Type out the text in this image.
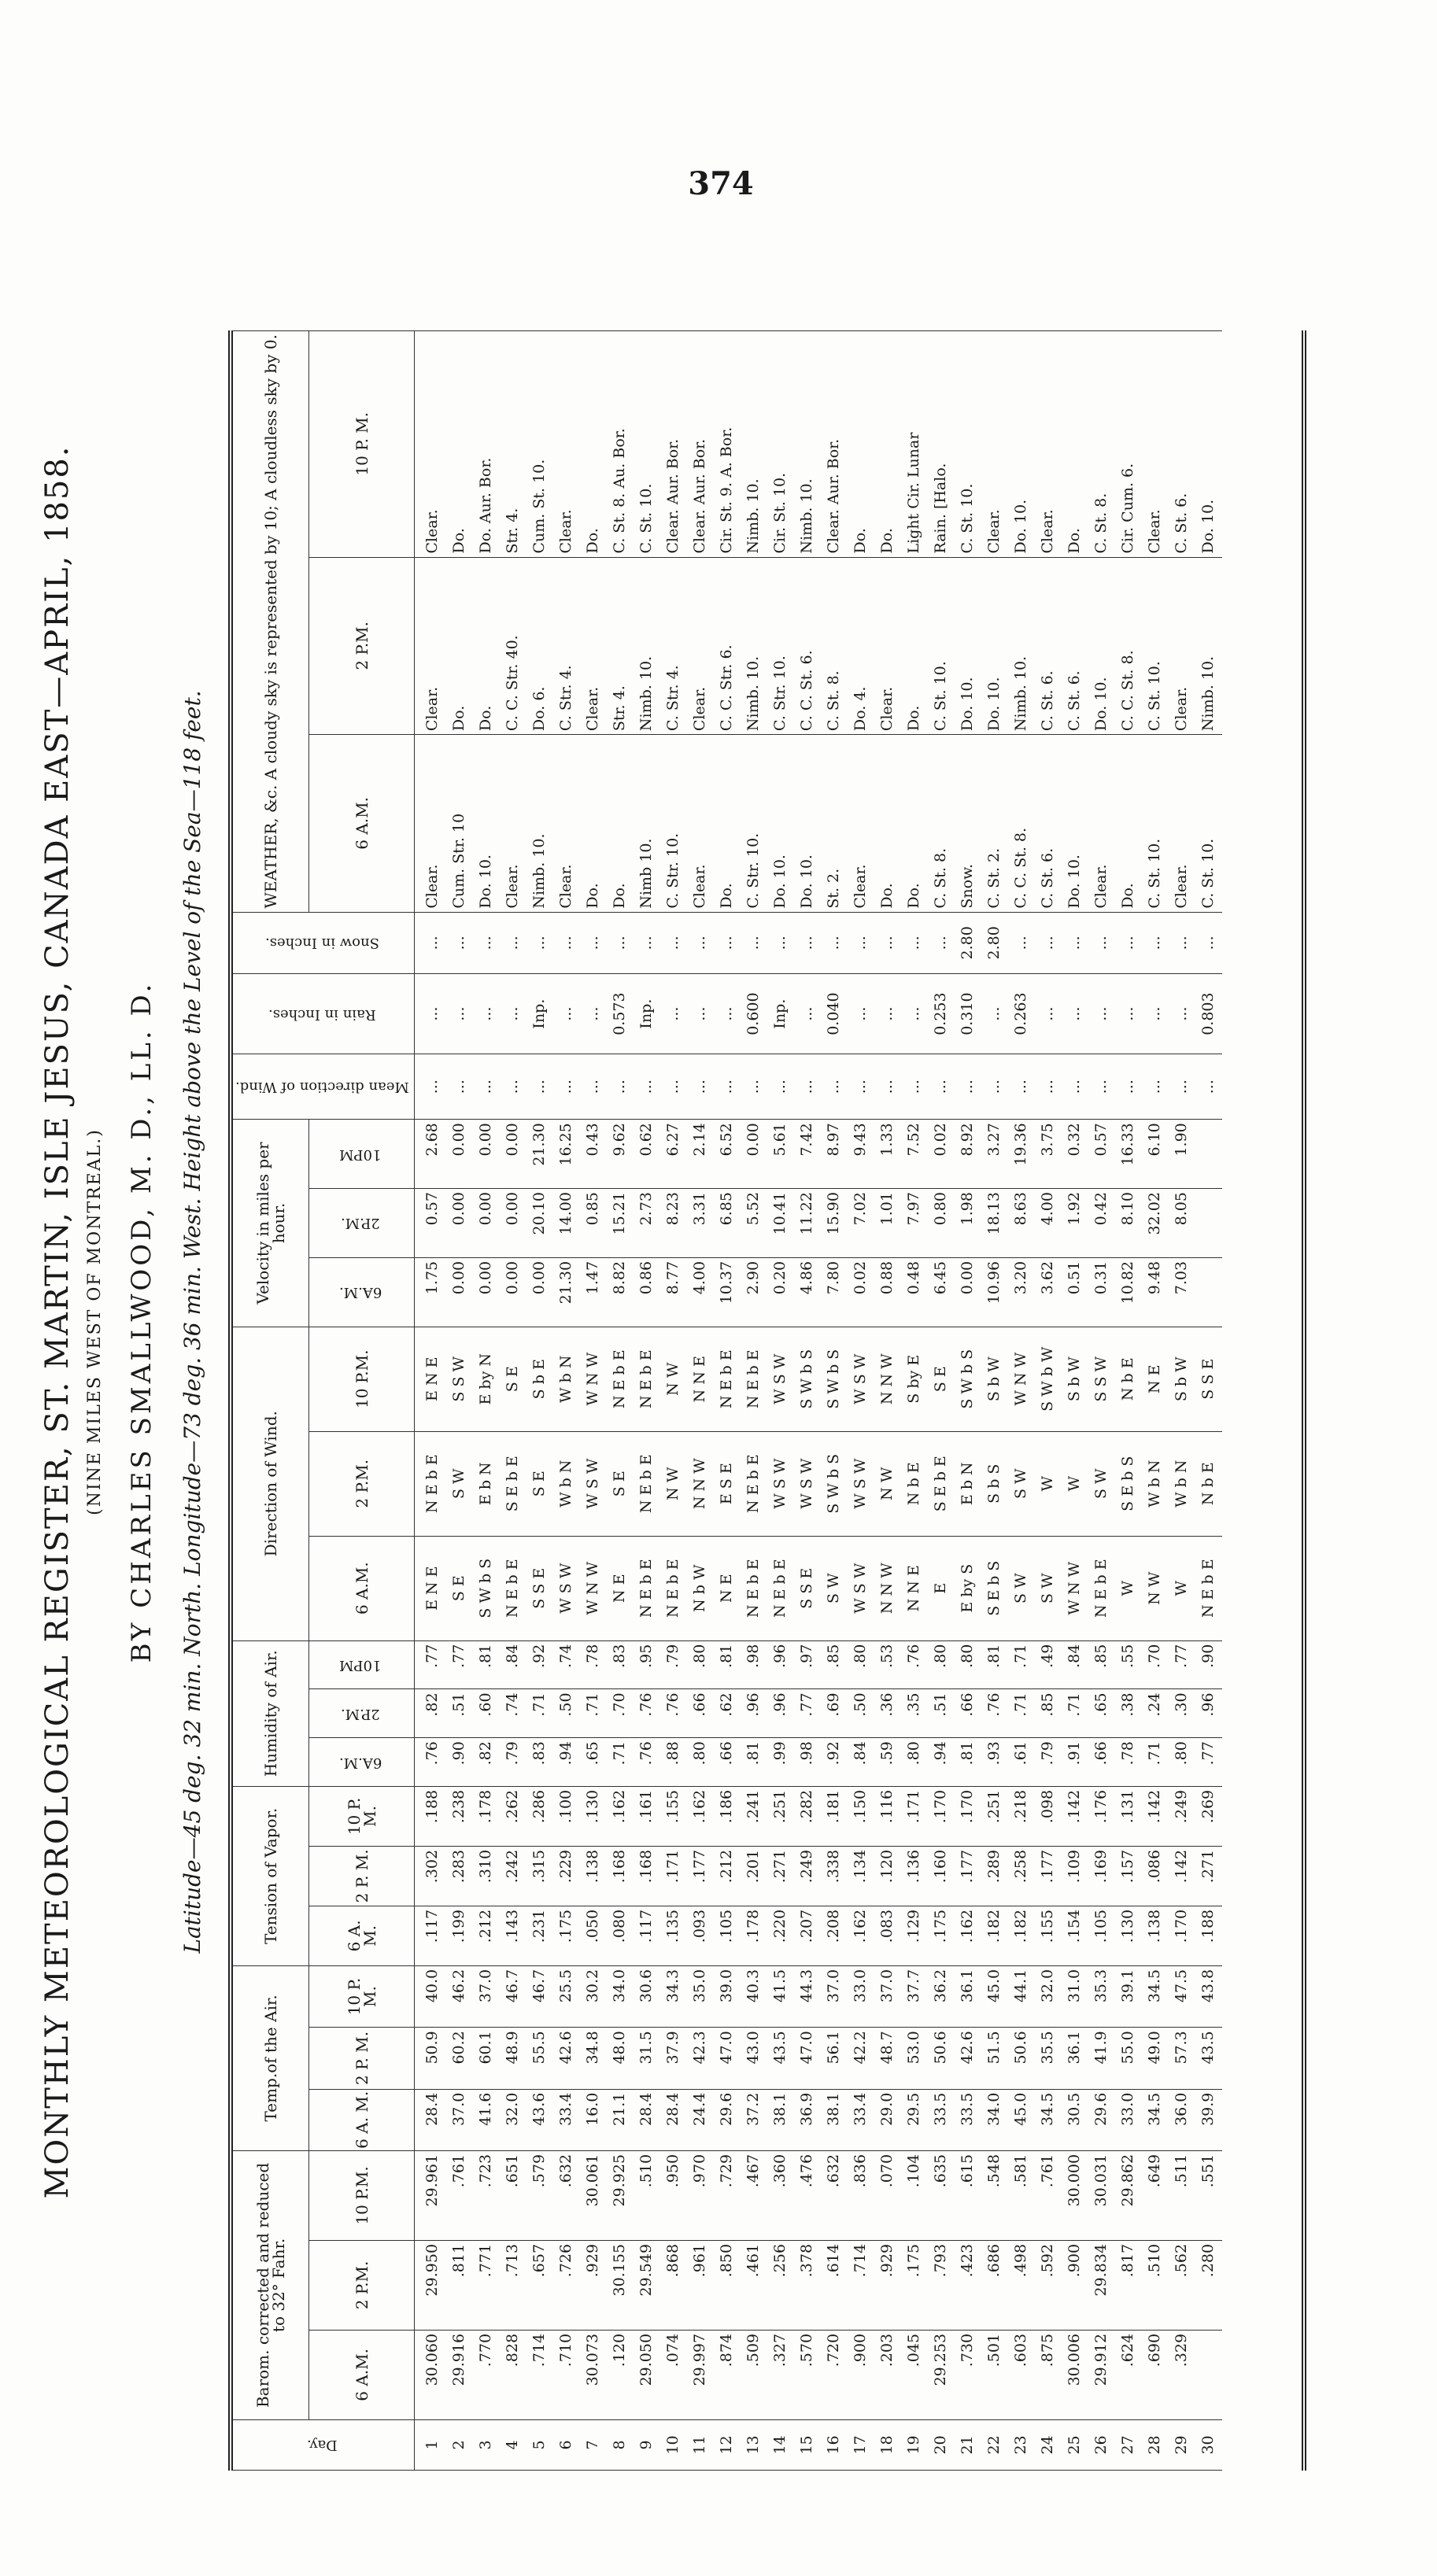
374
MONTHLY METEOROLOGICAL REGISTER, ST. MARTIN, ISLE JESUS, CANADA EAST—APRIL, 1858. (NINE MILES WEST OF MONTREAL.) BY CHARLES SMALLWOOD, M. D., LL. D. Latitude—45 deg. 32 min. North. Longitude—73 deg. 36 min. West. Height above the Level of the Sea—118 feet.
Day.	Barom. corrected and reduced to 32° Fahr.			Temp.of the Air.			Tension of Vapor.			Humidity of Air.			Direction of Wind.			Velocity in miles per hour.			Mean direction of Wind.	Rain in Inches.	Snow in Inches.	WEATHER, &c. A cloudy sky is represented by 10; A cloudless sky by 0.		
	6 A.M.	2 P.M.	10 P.M.	6 A. M.	2 P. M.	10 P. M.	6 A. M.	2 P. M.	10 P. M.	6A.M.	2P.M.	10PM	6 A.M.	2 P.M.	10 P.M.	6A.M.	2P.M.	10PM				6 A.M.	2 P.M.	10 P. M.
1	30.060	29.950	29.961	28.4	50.9	40.0	.117	.302	.188	.76	.82	.77	E N E	N E b E	E N E	1.75	0.57	2.68	...	...	...	Clear.	Clear.	Clear.
2	29.916	.811	.761	37.0	60.2	46.2	.199	.283	.238	.90	.51	.77	S E	S W	S S W	0.00	0.00	0.00	...	...	...	Cum. Str. 10	Do.	Do.
3	.770	.771	.723	41.6	60.1	37.0	.212	.310	.178	.82	.60	.81	S W b S	E b N	E by N	0.00	0.00	0.00	...	...	...	Do. 10.	Do.	Do. Aur. Bor.
4	.828	.713	.651	32.0	48.9	46.7	.143	.242	.262	.79	.74	.84	N E b E	S E b E	S E	0.00	0.00	0.00	...	...	...	Clear.	C. C. Str. 40.	Str. 4.
5	.714	.657	.579	43.6	55.5	46.7	.231	.315	.286	.83	.71	.92	S S E	S E	S b E	0.00	20.10	21.30	...	Inp.	...	Nimb. 10.	Do. 6.	Cum. St. 10.
6	.710	.726	.632	33.4	42.6	25.5	.175	.229	.100	.94	.50	.74	W S W	W b N	W b N	21.30	14.00	16.25	...	...	...	Clear.	C. Str. 4.	Clear.
7	30.073	.929	30.061	16.0	34.8	30.2	.050	.138	.130	.65	.71	.78	W N W	W S W	W N W	1.47	0.85	0.43	...	...	...	Do.	Clear.	Do.
8	.120	30.155	29.925	21.1	48.0	34.0	.080	.168	.162	.71	.70	.83	N E	S E	N E b E	8.82	15.21	9.62	...	0.573	...	Do.	Str. 4.	C. St. 8. Au. Bor.
9	29.050	29.549	.510	28.4	31.5	30.6	.117	.168	.161	.76	.76	.95	N E b E	N E b E	N E b E	0.86	2.73	0.62	...	Inp.	...	Nimb 10.	Nimb. 10.	C. St. 10.
10	.074	.868	.950	28.4	37.9	34.3	.135	.171	.155	.88	.76	.79	N E b E	N W	N W	8.77	8.23	6.27	...	...	...	C. Str. 10.	C. Str. 4.	Clear. Aur. Bor.
11	29.997	.961	.970	24.4	42.3	35.0	.093	.177	.162	.80	.66	.80	N b W	N N W	N N E	4.00	3.31	2.14	...	...	...	Clear.	Clear.	Clear. Aur. Bor.
12	.874	.850	.729	29.6	47.0	39.0	.105	.212	.186	.66	.62	.81	N E	E S E	N E b E	10.37	6.85	6.52	...	...	...	Do.	C. C. Str. 6.	Cir. St. 9. A. Bor.
13	.509	.461	.467	37.2	43.0	40.3	.178	.201	.241	.81	.96	.98	N E b E	N E b E	N E b E	2.90	5.52	0.00	...	0.600	...	C. Str. 10.	Nimb. 10.	Nimb. 10.
14	.327	.256	.360	38.1	43.5	41.5	.220	.271	.251	.99	.96	.96	N E b E	W S W	W S W	0.20	10.41	5.61	...	Inp.	...	Do. 10.	C. Str. 10.	Cir. St. 10.
15	.570	.378	.476	36.9	47.0	44.3	.207	.249	.282	.98	.77	.97	S S E	W S W	S W b S	4.86	11.22	7.42	...	...	...	Do. 10.	C. C. St. 6.	Nimb. 10.
16	.720	.614	.632	38.1	56.1	37.0	.208	.338	.181	.92	.69	.85	S W	S W b S	S W b S	7.80	15.90	8.97	...	0.040	...	St. 2.	C. St. 8.	Clear. Aur. Bor.
17	.900	.714	.836	33.4	42.2	33.0	.162	.134	.150	.84	.50	.80	W S W	W S W	W S W	0.02	7.02	9.43	...	...	...	Clear.	Do. 4.	Do.
18	.203	.929	.070	29.0	48.7	37.0	.083	.120	.116	.59	.36	.53	N N W	N W	N N W	0.88	1.01	1.33	...	...	...	Do.	Clear.	Do.
19	.045	.175	.104	29.5	53.0	37.7	.129	.136	.171	.80	.35	.76	N N E	N b E	S by E	0.48	7.97	7.52	...	...	...	Do.	Do.	Light Cir. Lunar
20	29.253	.793	.635	33.5	50.6	36.2	.175	.160	.170	.94	.51	.80	E	S E b E	S E	6.45	0.80	0.02	...	0.253	...	C. St. 8.	C. St. 10.	Rain. [Halo.
21	.730	.423	.615	33.5	42.6	36.1	.162	.177	.170	.81	.66	.80	E by S	E b N	S W b S	0.00	1.98	8.92	...	0.310	2.80	Snow.	Do. 10.	C. St. 10.
22	.501	.686	.548	34.0	51.5	45.0	.182	.289	.251	.93	.76	.81	S E b S	S b S	S b W	10.96	18.13	3.27	...	...	2.80	C. St. 2.	Do. 10.	Clear.
23	.603	.498	.581	45.0	50.6	44.1	.182	.258	.218	.61	.71	.71	S W	S W	W N W	3.20	8.63	19.36	...	0.263	...	C. C. St. 8.	Nimb. 10.	Do. 10.
24	.875	.592	.761	34.5	35.5	32.0	.155	.177	.098	.79	.85	.49	S W	W	S W b W	3.62	4.00	3.75	...	...	...	C. St. 6.	C. St. 6.	Clear.
25	30.006	.900	30.000	30.5	36.1	31.0	.154	.109	.142	.91	.71	.84	W N W	W	S b W	0.51	1.92	0.32	...	...	...	Do. 10.	C. St. 6.	Do.
26	29.912	29.834	30.031	29.6	41.9	35.3	.105	.169	.176	.66	.65	.85	N E b E	S W	S S W	0.31	0.42	0.57	...	...	...	Clear.	Do. 10.	C. St. 8.
27	.624	.817	29.862	33.0	55.0	39.1	.130	.157	.131	.78	.38	.55	W	S E b S	N b E	10.82	8.10	16.33	...	...	...	Do.	C. C. St. 8.	Cir. Cum. 6.
28	.690	.510	.649	34.5	49.0	34.5	.138	.086	.142	.71	.24	.70	N W	W b N	N E	9.48	32.02	6.10	...	...	...	C. St. 10.	C. St. 10.	Clear.
29	.329	.562	.511	36.0	57.3	47.5	.170	.142	.249	.80	.30	.77	W	W b N	S b W	7.03	8.05	1.90	...	...	...	Clear.	Clear.	C. St. 6.
30		.280	.551	39.9	43.5	43.8	.188	.271	.269	.77	.96	.90	N E b E	N b E	S S E				...	0.803	...	C. St. 10.	Nimb. 10.	Do. 10.
